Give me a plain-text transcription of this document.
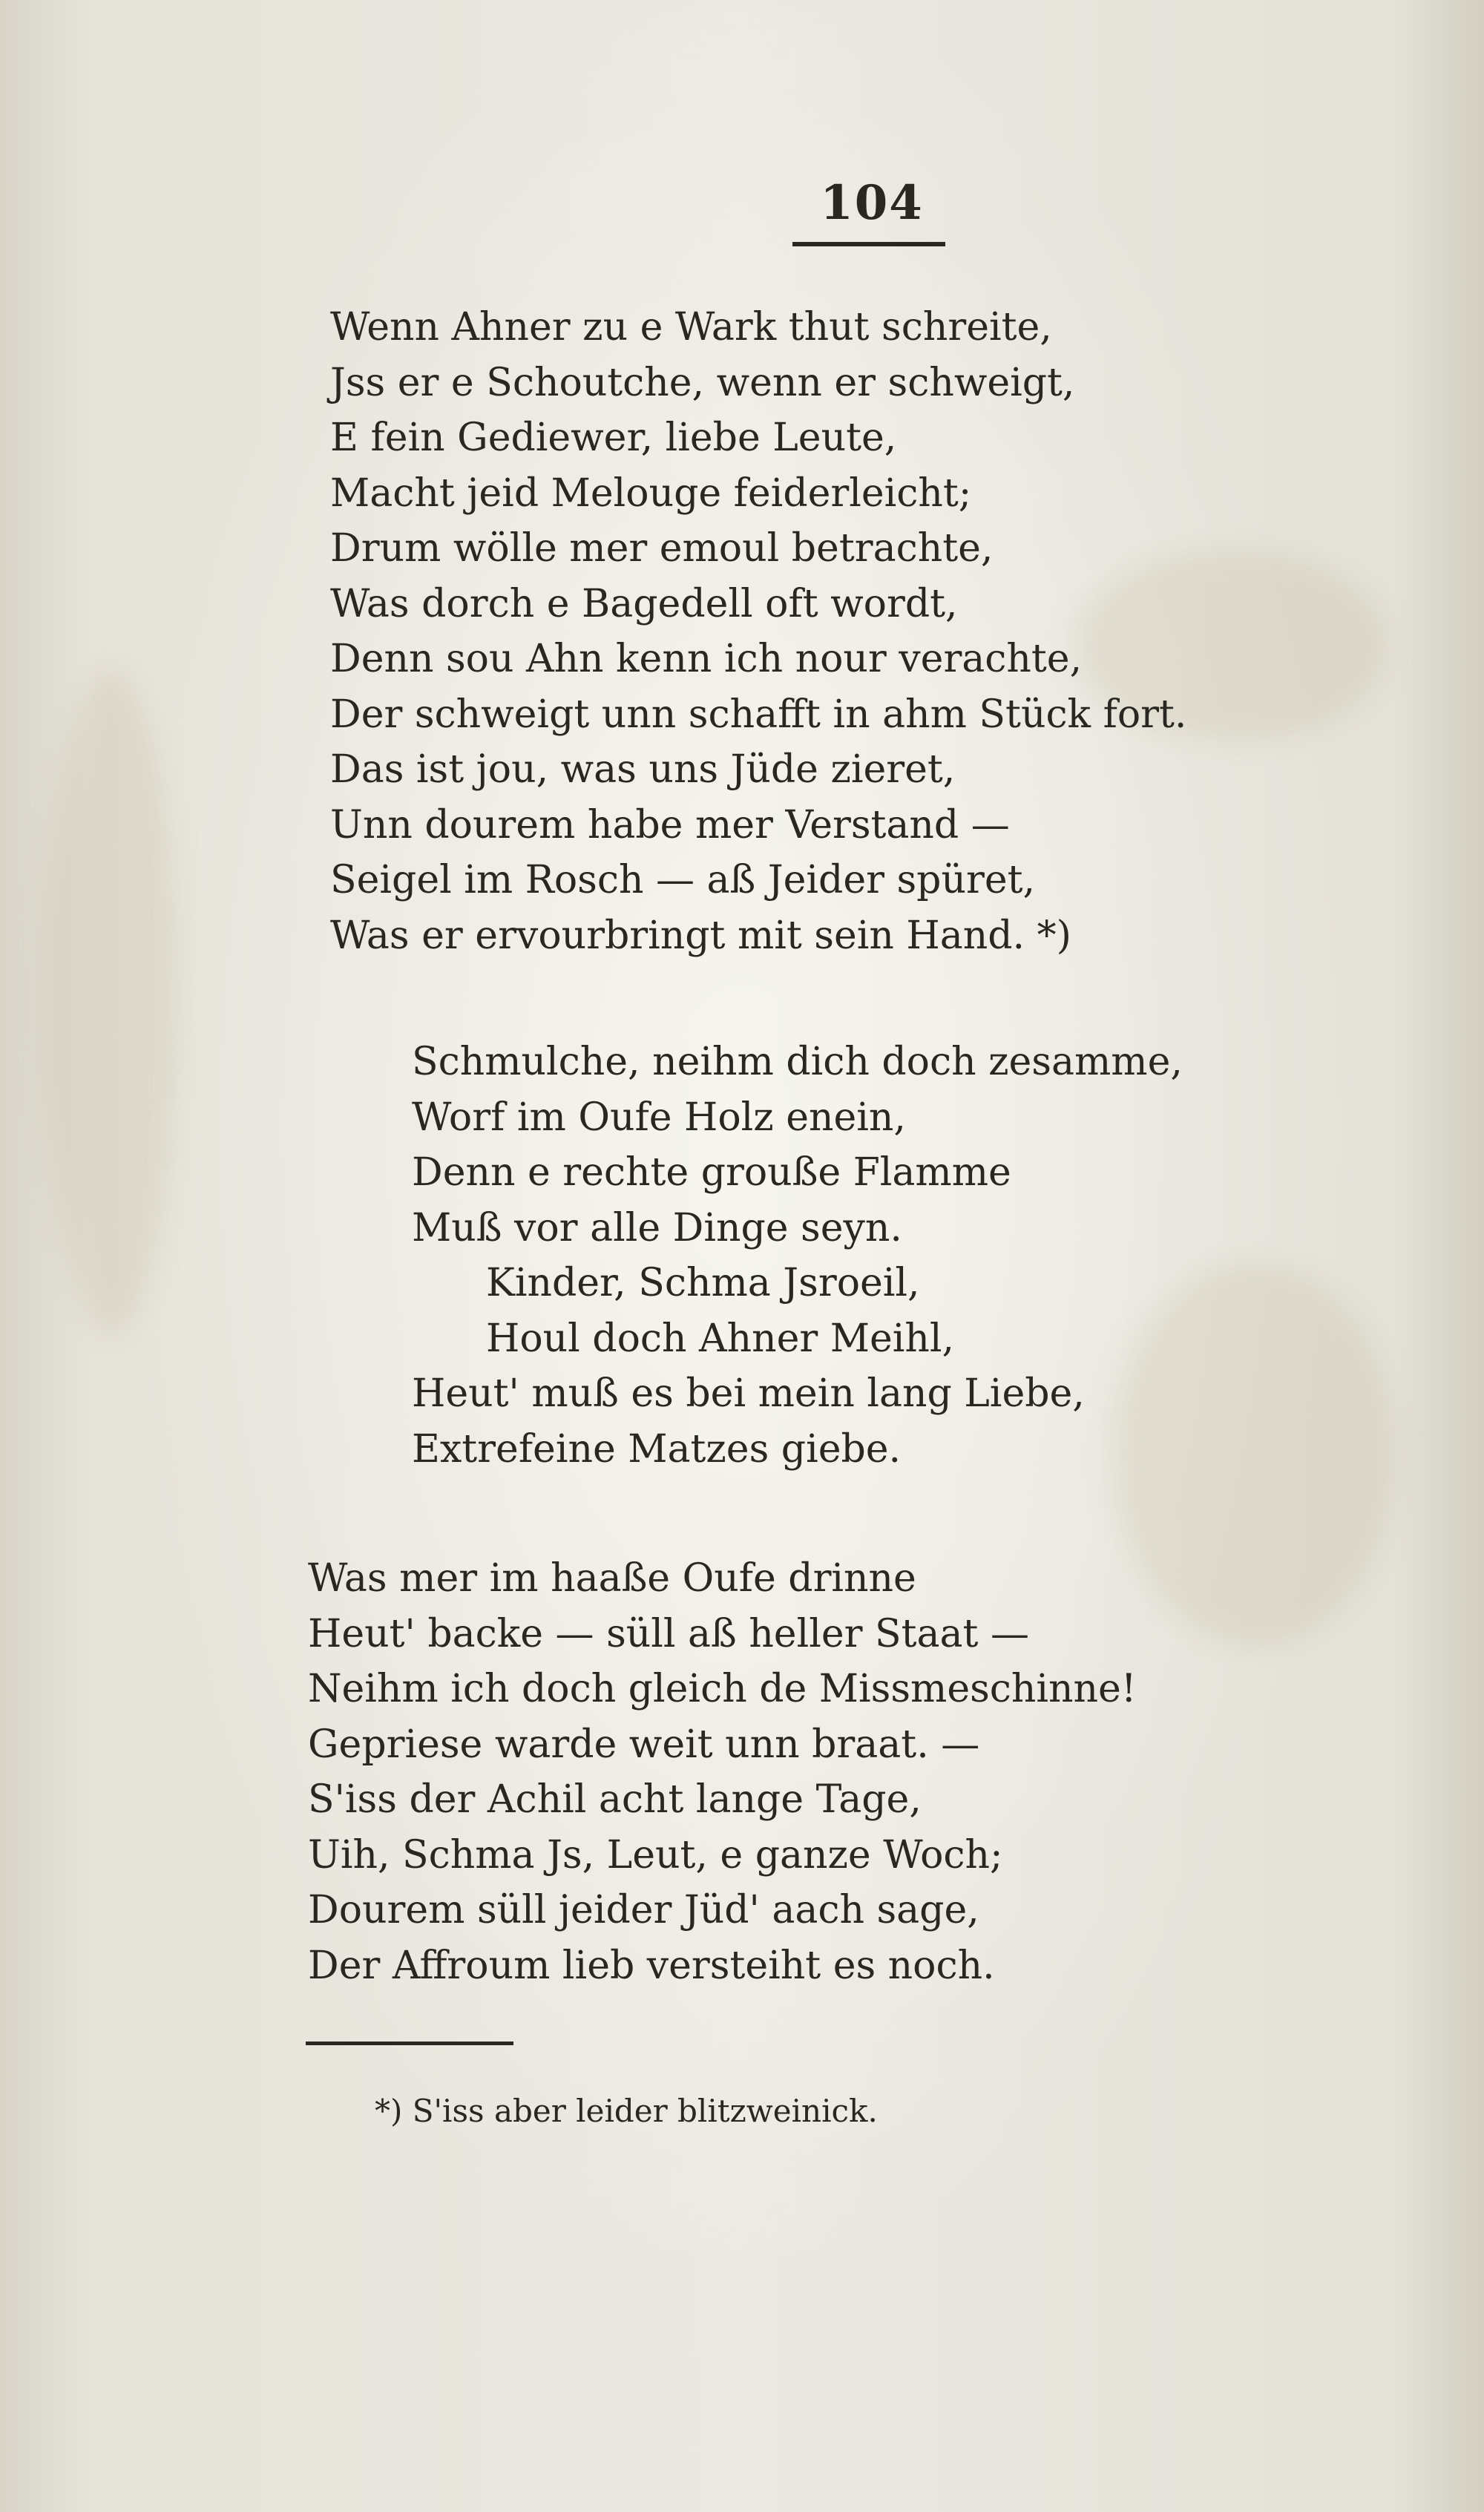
104
Wenn Ahner zu e Wark thut schreite,
Jss er e Schoutche, wenn er schweigt,
E fein Gediewer, liebe Leute,
Macht jeid Melouge feiderleicht;
Drum wölle mer emoul betrachte,
Was dorch e Bagedell oft wordt,
Denn sou Ahn kenn ich nour verachte,
Der schweigt unn schafft in ahm Stück fort.
Das ist jou, was uns Jüde zieret,
Unn dourem habe mer Verstand —
Seigel im Rosch — aß Jeider spüret,
Was er ervourbringt mit sein Hand. *)
Schmulche, neihm dich doch zesamme,
Worf im Oufe Holz enein,
Denn e rechte grouße Flamme
Muß vor alle Dinge seyn.
Kinder, Schma Jsroeil,
Houl doch Ahner Meihl,
Heut' muß es bei mein lang Liebe,
Extrefeine Matzes giebe.
Was mer im haaße Oufe drinne
Heut' backe — süll aß heller Staat —
Neihm ich doch gleich de Missmeschinne!
Gepriese warde weit unn braat. —
S'iss der Achil acht lange Tage,
Uih, Schma Js, Leut, e ganze Woch;
Dourem süll jeider Jüd' aach sage,
Der Affroum lieb versteiht es noch.
*) S'iss aber leider blitzweinick.
